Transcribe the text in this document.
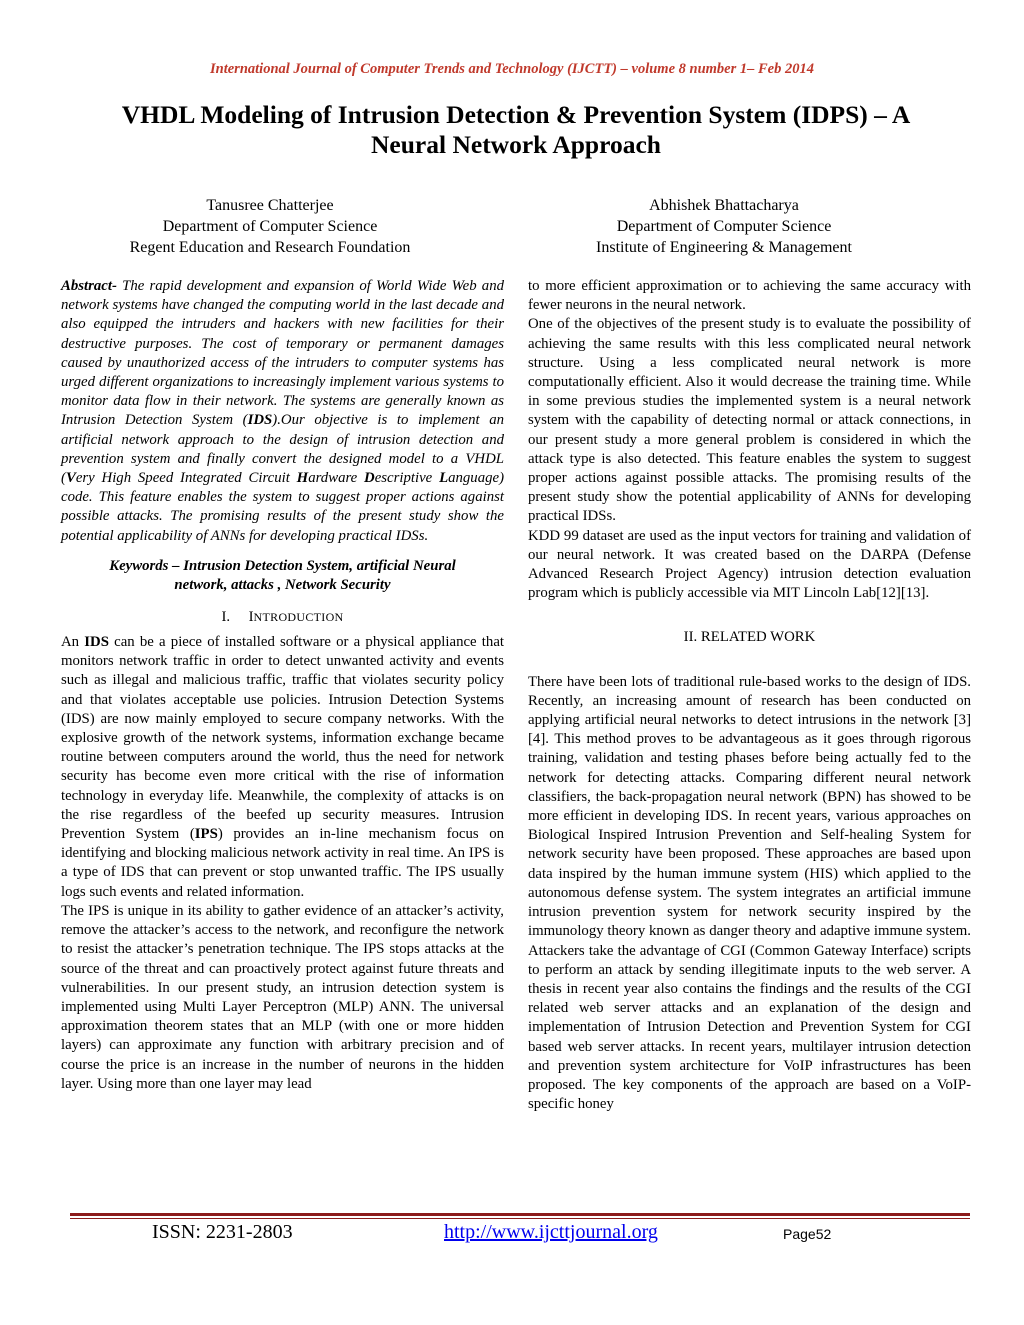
International Journal of Computer Trends and Technology (IJCTT) – volume 8 number 1– Feb 2014
VHDL Modeling of Intrusion Detection & Prevention System (IDPS) – A
Neural Network Approach
Tanusree Chatterjee
Department of Computer Science
Regent Education and Research Foundation
Abhishek Bhattacharya
Department of Computer Science
Institute of Engineering & Management

Abstract- The rapid development and expansion of World Wide Web and network systems have changed the computing world in the last decade and also equipped the intruders and hackers with new facilities for their destructive purposes. The cost of temporary or permanent damages caused by unauthorized access of the intruders to computer systems has urged different organizations to increasingly implement various systems to monitor data flow in their network. The systems are generally known as Intrusion Detection System (IDS).Our objective is to implement an artificial network approach to the design of intrusion detection and prevention system and finally convert the designed model to a VHDL (Very High Speed Integrated Circuit Hardware Descriptive Language) code. This feature enables the system to suggest proper actions against possible attacks. The promising results of the present study show the potential applicability of ANNs for developing practical IDSs.

Keywords – Intrusion Detection System, artificial Neural
network, attacks , Network Security
I. INTRODUCTION

An IDS can be a piece of installed software or a physical appliance that monitors network traffic in order to detect unwanted activity and events such as illegal and malicious traffic, traffic that violates security policy and that violates acceptable use policies. Intrusion Detection Systems (IDS) are now mainly employed to secure company networks. With the explosive growth of the network systems, information exchange became routine between computers around the world, thus the need for network security has become even more critical with the rise of information technology in everyday life. Meanwhile, the complexity of attacks is on the rise regardless of the beefed up security measures. Intrusion Prevention System (IPS) provides an in-line mechanism focus on identifying and blocking malicious network activity in real time. An IPS is a type of IDS that can prevent or stop unwanted traffic. The IPS usually logs such events and related information.

The IPS is unique in its ability to gather evidence of an attacker’s activity, remove the attacker’s access to the network, and reconfigure the network to resist the attacker’s penetration technique. The IPS stops attacks at the source of the threat and can proactively protect against future threats and vulnerabilities. In our present study, an intrusion detection system is implemented using Multi Layer Perceptron (MLP) ANN. The universal approximation theorem states that an MLP (with one or more hidden layers) can approximate any function with arbitrary precision and of course the price is an increase in the number of neurons in the hidden layer. Using more than one layer may lead

to more efficient approximation or to achieving the same accuracy with fewer neurons in the neural network.

One of the objectives of the present study is to evaluate the possibility of achieving the same results with this less complicated neural network structure. Using a less complicated neural network is more computationally efficient. Also it would decrease the training time. While in some previous studies the implemented system is a neural network system with the capability of detecting normal or attack connections, in our present study a more general problem is considered in which the attack type is also detected. This feature enables the system to suggest proper actions against possible attacks. The promising results of the present study show the potential applicability of ANNs for developing practical IDSs.

KDD 99 dataset are used as the input vectors for training and validation of our neural network. It was created based on the DARPA (Defense Advanced Research Project Agency) intrusion detection evaluation program which is publicly accessible via MIT Lincoln Lab[12][13].

II. RELATED WORK

There have been lots of traditional rule-based works to the design of IDS. Recently, an increasing amount of research has been conducted on applying artificial neural networks to detect intrusions in the network [3] [4]. This method proves to be advantageous as it goes through rigorous training, validation and testing phases before being actually fed to the network for detecting attacks. Comparing different neural network classifiers, the back-propagation neural network (BPN) has showed to be more efficient in developing IDS. In recent years, various approaches on Biological Inspired Intrusion Prevention and Self-healing System for network security have been proposed. These approaches are based upon data inspired by the human immune system (HIS) which applied to the autonomous defense system. The system integrates an artificial immune intrusion prevention system for network security inspired by the immunology theory known as danger theory and adaptive immune system. Attackers take the advantage of CGI (Common Gateway Interface) scripts to perform an attack by sending illegitimate inputs to the web server. A thesis in recent year also contains the findings and the results of the CGI related web server attacks and an explanation of the design and implementation of Intrusion Detection and Prevention System for CGI based web server attacks. In recent years, multilayer intrusion detection and prevention system architecture for VoIP infrastructures has been proposed. The key components of the approach are based on a VoIP-specific honey

ISSN: 2231-2803	http://www.ijcttjournal.org	Page52
